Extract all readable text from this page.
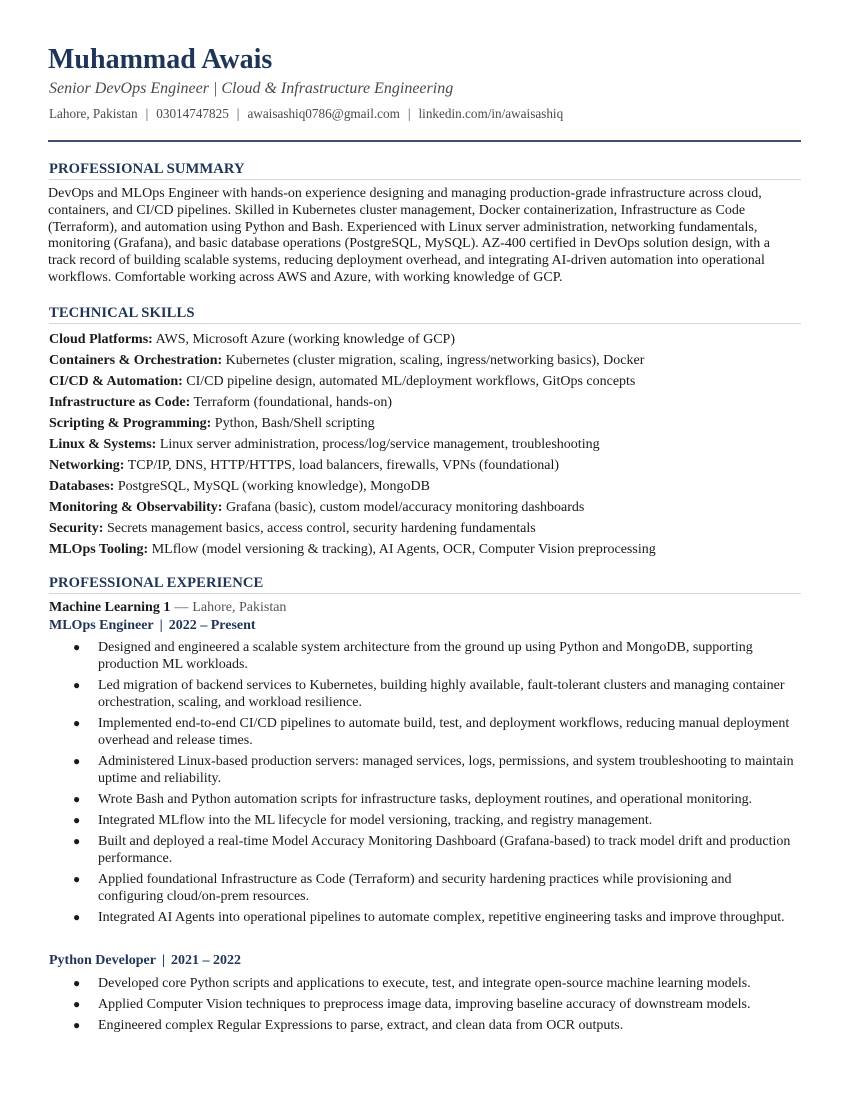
Muhammad Awais
Senior DevOps Engineer | Cloud & Infrastructure Engineering
Lahore, Pakistan | 03014747825 | awaisashiq0786@gmail.com | linkedin.com/in/awaisashiq
PROFESSIONAL SUMMARY

DevOps and MLOps Engineer with hands-on experience designing and managing production-grade infrastructure across cloud, containers, and CI/CD pipelines. Skilled in Kubernetes cluster management, Docker containerization, Infrastructure as Code (Terraform), and automation using Python and Bash. Experienced with Linux server administration, networking fundamentals, monitoring (Grafana), and basic database operations (PostgreSQL, MySQL). AZ-400 certified in DevOps solution design, with a track record of building scalable systems, reducing deployment overhead, and integrating AI-driven automation into operational workflows. Comfortable working across AWS and Azure, with working knowledge of GCP.

TECHNICAL SKILLS
Cloud Platforms: AWS, Microsoft Azure (working knowledge of GCP)
Containers & Orchestration: Kubernetes (cluster migration, scaling, ingress/networking basics), Docker
CI/CD & Automation: CI/CD pipeline design, automated ML/deployment workflows, GitOps concepts
Infrastructure as Code: Terraform (foundational, hands-on)
Scripting & Programming: Python, Bash/Shell scripting
Linux & Systems: Linux server administration, process/log/service management, troubleshooting
Networking: TCP/IP, DNS, HTTP/HTTPS, load balancers, firewalls, VPNs (foundational)
Databases: PostgreSQL, MySQL (working knowledge), MongoDB
Monitoring & Observability: Grafana (basic), custom model/accuracy monitoring dashboards
Security: Secrets management basics, access control, security hardening fundamentals
MLOps Tooling: MLflow (model versioning & tracking), AI Agents, OCR, Computer Vision preprocessing
PROFESSIONAL EXPERIENCE
Machine Learning 1 — Lahore, Pakistan
MLOps Engineer | 2022 – Present
● Designed and engineered a scalable system architecture from the ground up using Python and MongoDB, supporting production ML workloads.
● Led migration of backend services to Kubernetes, building highly available, fault-tolerant clusters and managing container orchestration, scaling, and workload resilience.
● Implemented end-to-end CI/CD pipelines to automate build, test, and deployment workflows, reducing manual deployment overhead and release times.
● Administered Linux-based production servers: managed services, logs, permissions, and system troubleshooting to maintain uptime and reliability.
● Wrote Bash and Python automation scripts for infrastructure tasks, deployment routines, and operational monitoring.
● Integrated MLflow into the ML lifecycle for model versioning, tracking, and registry management.
● Built and deployed a real-time Model Accuracy Monitoring Dashboard (Grafana-based) to track model drift and production performance.
● Applied foundational Infrastructure as Code (Terraform) and security hardening practices while provisioning and configuring cloud/on-prem resources.
● Integrated AI Agents into operational pipelines to automate complex, repetitive engineering tasks and improve throughput.
Python Developer | 2021 – 2022
● Developed core Python scripts and applications to execute, test, and integrate open-source machine learning models.
● Applied Computer Vision techniques to preprocess image data, improving baseline accuracy of downstream models.
● Engineered complex Regular Expressions to parse, extract, and clean data from OCR outputs.
